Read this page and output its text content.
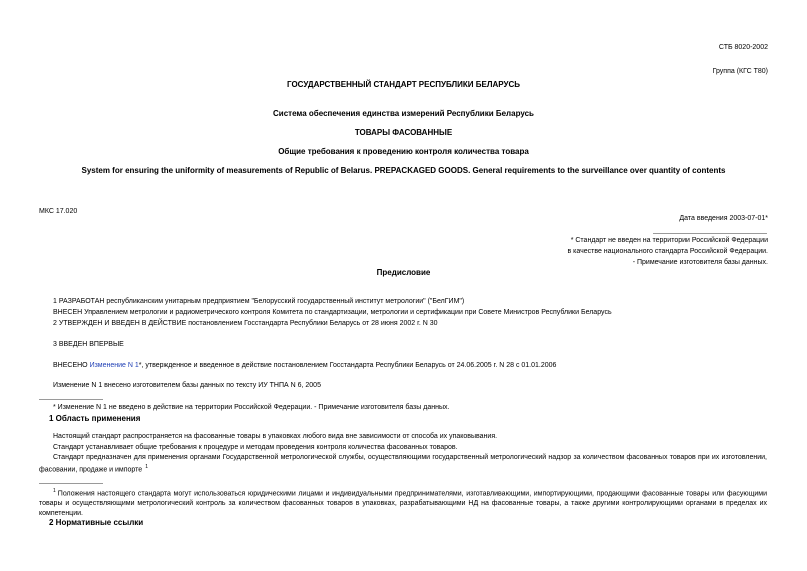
СТБ 8020-2002
Группа (КГС Т80)
ГОСУДАРСТВЕННЫЙ СТАНДАРТ РЕСПУБЛИКИ БЕЛАРУСЬ
Система обеспечения единства измерений Республики Беларусь
ТОВАРЫ ФАСОВАННЫЕ
Общие требования к проведению контроля количества товара
System for ensuring the uniformity of measurements of Republic of Belarus. PREPACKAGED GOODS. General requirements to the surveillance over quantity of contents
МКС 17.020
Дата введения 2003-07-01*
* Стандарт не введен на территории Российской Федерации
в качестве национального стандарта Российской Федерации.
- Примечание изготовителя базы данных.
Предисловие
1 РАЗРАБОТАН республиканским унитарным предприятием "Белорусский государственный институт метрологии" ("БелГИМ")
ВНЕСЕН Управлением метрологии и радиометрического контроля Комитета по стандартизации, метрологии и сертификации при Совете Министров Республики Беларусь
2 УТВЕРЖДЕН И ВВЕДЕН В ДЕЙСТВИЕ постановлением Госстандарта Республики Беларусь от 28 июня 2002 г. N 30
3 ВВЕДЕН ВПЕРВЫЕ
ВНЕСЕНО Изменение N 1*, утвержденное и введенное в действие постановлением Госстандарта Республики Беларусь от 24.06.2005 г. N 28 с 01.01.2006
Изменение N 1 внесено изготовителем базы данных по тексту ИУ ТНПА N 6, 2005
* Изменение N 1 не введено в действие на территории Российской Федерации. - Примечание изготовителя базы данных.
1 Область применения
Настоящий стандарт распространяется на фасованные товары в упаковках любого вида вне зависимости от способа их упаковывания.
Стандарт устанавливает общие требования к процедуре и методам проведения контроля количества фасованных товаров.
Стандарт предназначен для применения органами Государственной метрологической службы, осуществляющими государственный метрологический надзор за количеством фасованных товаров при их изготовлении, фасовании, продаже и импорте $^1$
$^1$ Положения настоящего стандарта могут использоваться юридическими лицами и индивидуальными предпринимателями, изготавливающими, импортирующими, продающими фасованные товары или фасующими товары и осуществляющими метрологический контроль за количеством фасованных товаров в упаковках, разрабатывающими НД на фасованные товары, а также другими контролирующими органами в пределах их компетенции.
2 Нормативные ссылки
